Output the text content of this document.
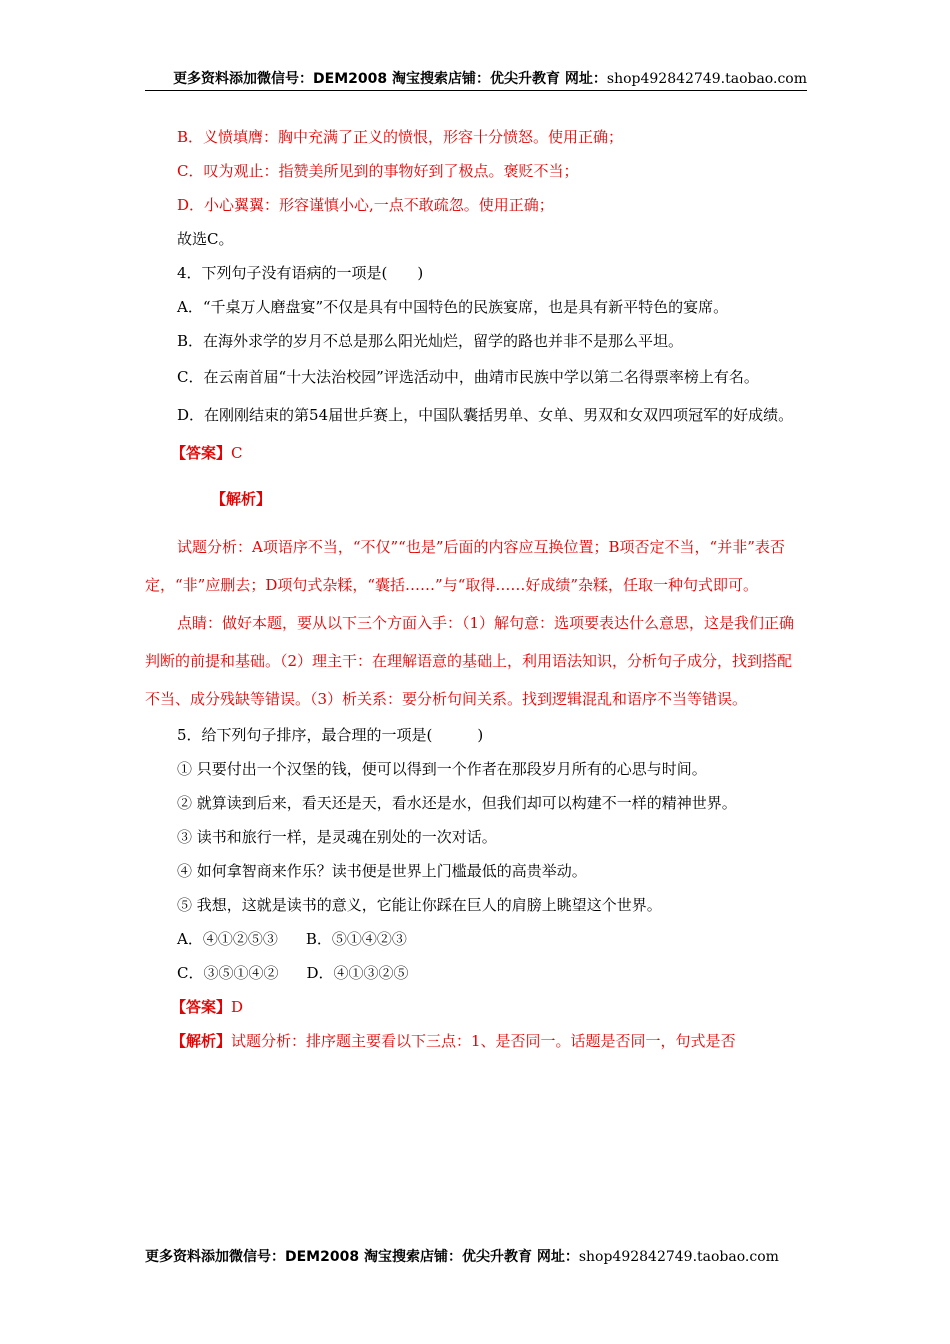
更多资料添加微信号：DEM2008 淘宝搜索店铺：优尖升教育 网址：shop492842749.taobao.com

B．义愤填膺：胸中充满了正义的愤恨，形容十分愤怒。使用正确；

C．叹为观止：指赞美所见到的事物好到了极点。褒贬不当；

D．小心翼翼：形容谨慎小心,一点不敢疏忽。使用正确；

故选C。

4．下列句子没有语病的一项是(　　)

A．“千桌万人磨盘宴”不仅是具有中国特色的民族宴席，也是具有新平特色的宴席。

B．在海外求学的岁月不总是那么阳光灿烂，留学的路也并非不是那么平坦。

C．在云南首届“十大法治校园”评选活动中，曲靖市民族中学以第二名得票率榜上有名。

D．在刚刚结束的第54届世乒赛上，中国队囊括男单、女单、男双和女双四项冠军的好成绩。

【答案】C
【解析】

试题分析：A项语序不当，“不仅”“也是”后面的内容应互换位置；B项否定不当，“并非”表否定，“非”应删去；D项句式杂糅，“囊括……”与“取得……好成绩”杂糅，任取一种句式即可。

点睛：做好本题，要从以下三个方面入手：（1）解句意：选项要表达什么意思，这是我们正确判断的前提和基础。（2）理主干：在理解语意的基础上，利用语法知识，分析句子成分，找到搭配不当、成分残缺等错误。（3）析关系：要分析句间关系。找到逻辑混乱和语序不当等错误。

5．给下列句子排序，最合理的一项是(　　　)

① 只要付出一个汉堡的钱，便可以得到一个作者在那段岁月所有的心思与时间。

② 就算读到后来，看天还是天，看水还是水，但我们却可以构建不一样的精神世界。

③ 读书和旅行一样，是灵魂在别处的一次对话。

④ 如何拿智商来作乐？读书便是世界上门槛最低的高贵举动。

⑤ 我想，这就是读书的意义，它能让你踩在巨人的肩膀上眺望这个世界。

A．④①②⑤③ B．⑤①④②③
C．③⑤①④② D．④①③②⑤
【答案】D
【解析】试题分析：排序题主要看以下三点：1、是否同一。话题是否同一，句式是否
更多资料添加微信号：DEM2008 淘宝搜索店铺：优尖升教育 网址：shop492842749.taobao.com
